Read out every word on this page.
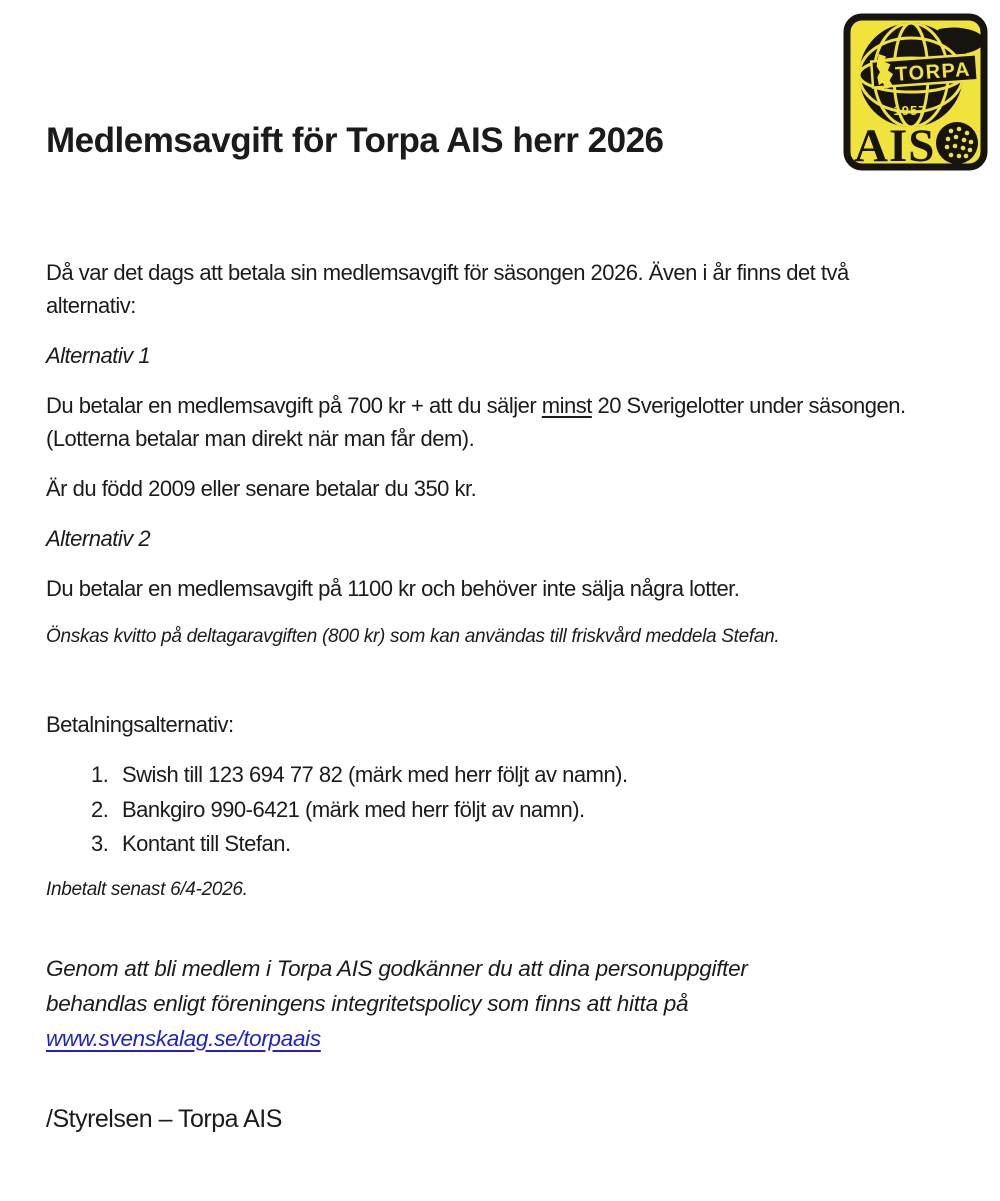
TORPA
1957
AIS
Medlemsavgift för Torpa AIS herr 2026

Då var det dags att betala sin medlemsavgift för säsongen 2026. Även i år finns det två alternativ:

Alternativ 1

Du betalar en medlemsavgift på 700 kr + att du säljer minst 20 Sverigelotter under säsongen. (Lotterna betalar man direkt när man får dem).

Är du född 2009 eller senare betalar du 350 kr.

Alternativ 2

Du betalar en medlemsavgift på 1100 kr och behöver inte sälja några lotter.

Önskas kvitto på deltagaravgiften (800 kr) som kan användas till friskvård meddela Stefan.

Betalningsalternativ:

1. Swish till 123 694 77 82 (märk med herr följt av namn).
2. Bankgiro 990-6421 (märk med herr följt av namn).
3. Kontant till Stefan.

Inbetalt senast 6/4-2026.

Genom att bli medlem i Torpa AIS godkänner du att dina personuppgifter behandlas enligt föreningens integritetspolicy som finns att hitta på www.svenskalag.se/torpaais

/Styrelsen – Torpa AIS
